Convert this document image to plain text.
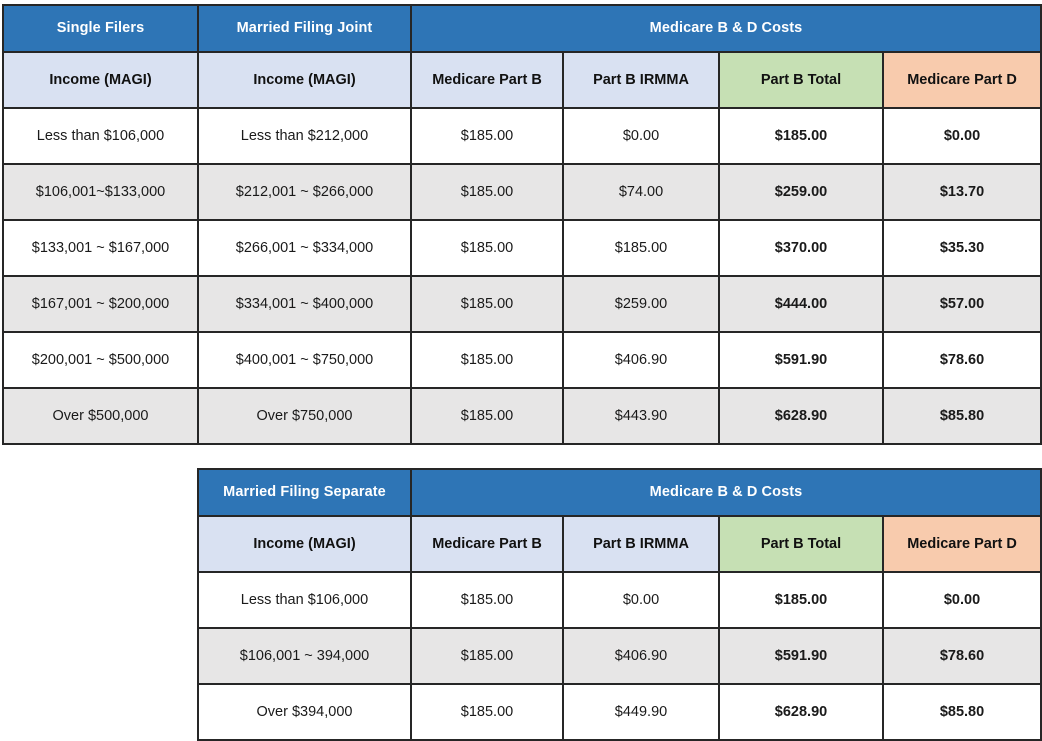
Single Filers	Married Filing Joint	Medicare B & D Costs			
Income (MAGI)	Income (MAGI)	Medicare Part B	Part B IRMMA	Part B Total	Medicare Part D
Less than $106,000	Less than $212,000	$185.00	$0.00	$185.00	$0.00
$106,001~$133,000	$212,001 ~ $266,000	$185.00	$74.00	$259.00	$13.70
$133,001 ~ $167,000	$266,001 ~ $334,000	$185.00	$185.00	$370.00	$35.30
$167,001 ~ $200,000	$334,001 ~ $400,000	$185.00	$259.00	$444.00	$57.00
$200,001 ~ $500,000	$400,001 ~ $750,000	$185.00	$406.90	$591.90	$78.60
Over $500,000	Over $750,000	$185.00	$443.90	$628.90	$85.80
Married Filing Separate	Medicare B & D Costs			
Income (MAGI)	Medicare Part B	Part B IRMMA	Part B Total	Medicare Part D
Less than $106,000	$185.00	$0.00	$185.00	$0.00
$106,001 ~ 394,000	$185.00	$406.90	$591.90	$78.60
Over $394,000	$185.00	$449.90	$628.90	$85.80
